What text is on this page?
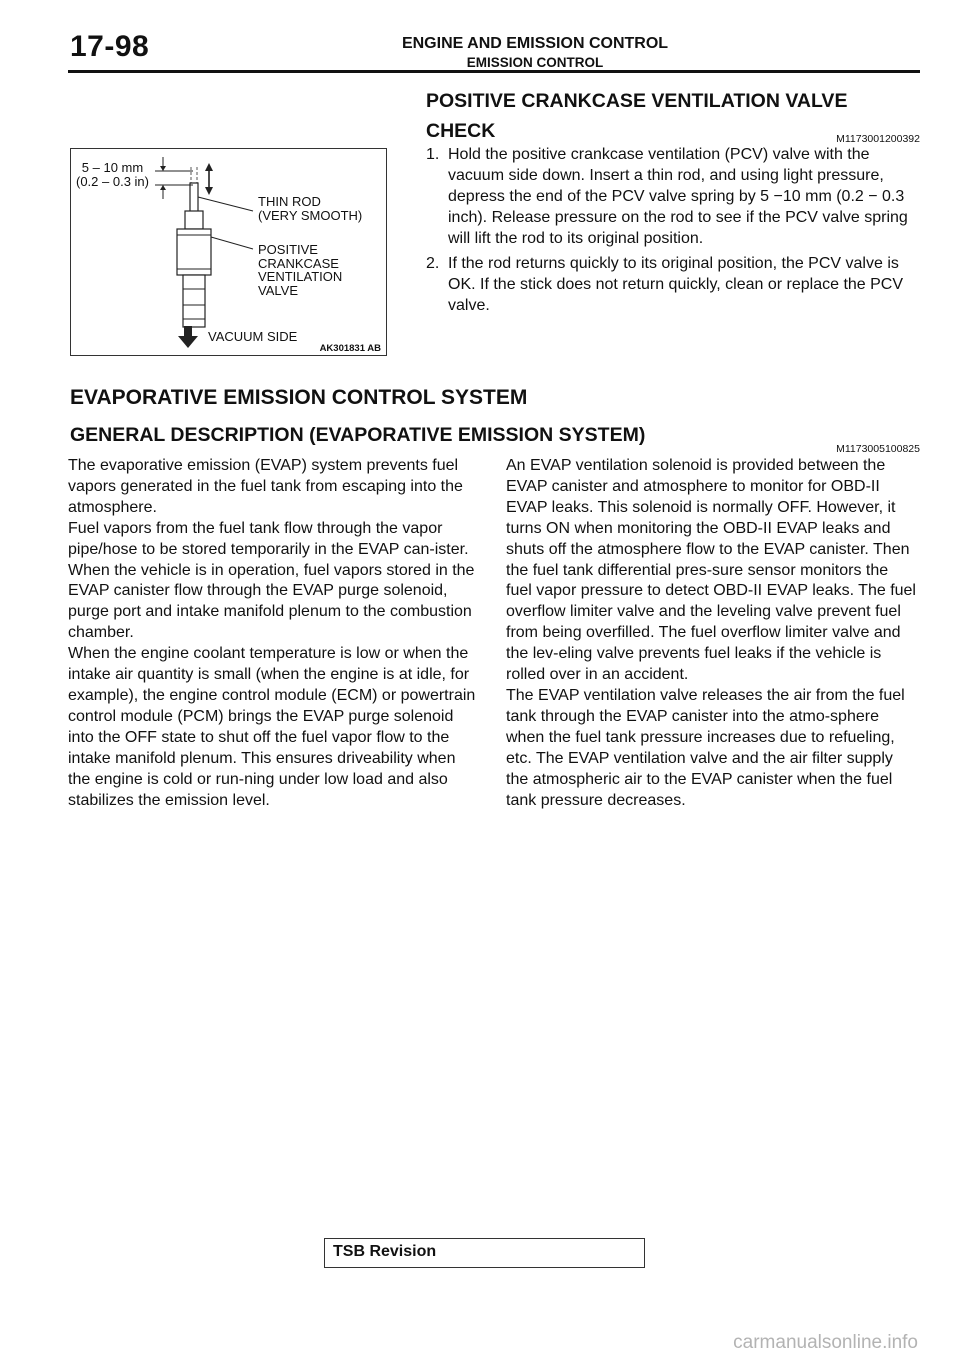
17-98	ENGINE AND EMISSION CONTROL
EMISSION CONTROL
POSITIVE CRANKCASE VENTILATION VALVE CHECK	M1173001200392
1. Hold the positive crankcase ventilation (PCV) valve with the vacuum side down. Insert a thin rod, and using light pressure, depress the end of the PCV valve spring by 5 −10 mm (0.2 − 0.3 inch). Release pressure on the rod to see if the PCV valve spring will lift the rod to its original position.
2. If the rod returns quickly to its original position, the PCV valve is OK. If the stick does not return quickly, clean or replace the PCV valve.
5 – 10 mm
(0.2 – 0.3 in)
THIN ROD
(VERY SMOOTH)
POSITIVE
CRANKCASE
VENTILATION
VALVE
VACUUM SIDE
AK301831 AB
EVAPORATIVE EMISSION CONTROL SYSTEM
GENERAL DESCRIPTION (EVAPORATIVE EMISSION SYSTEM)
M1173005100825

The evaporative emission (EVAP) system prevents fuel vapors generated in the fuel tank from escaping into the atmosphere.

Fuel vapors from the fuel tank flow through the vapor pipe/hose to be stored temporarily in the EVAP can-ister.

When the vehicle is in operation, fuel vapors stored in the EVAP canister flow through the EVAP purge solenoid, purge port and intake manifold plenum to the combustion chamber.

When the engine coolant temperature is low or when the intake air quantity is small (when the engine is at idle, for example), the engine control module (ECM) or powertrain control module (PCM) brings the EVAP purge solenoid into the OFF state to shut off the fuel vapor flow to the intake manifold plenum. This ensures driveability when the engine is cold or run-ning under low load and also stabilizes the emission level.

An EVAP ventilation solenoid is provided between the EVAP canister and atmosphere to monitor for OBD-II EVAP leaks. This solenoid is normally OFF. However, it turns ON when monitoring the OBD-II EVAP leaks and shuts off the atmosphere flow to the EVAP canister. Then the fuel tank differential pres-sure sensor monitors the fuel vapor pressure to detect OBD-II EVAP leaks. The fuel overflow limiter valve and the leveling valve prevent fuel from being overfilled. The fuel overflow limiter valve and the lev-eling valve prevents fuel leaks if the vehicle is rolled over in an accident.

The EVAP ventilation valve releases the air from the fuel tank through the EVAP canister into the atmo-sphere when the fuel tank pressure increases due to refueling, etc. The EVAP ventilation valve and the air filter supply the atmospheric air to the EVAP canister when the fuel tank pressure decreases.

TSB Revision
carmanualsonline.info
